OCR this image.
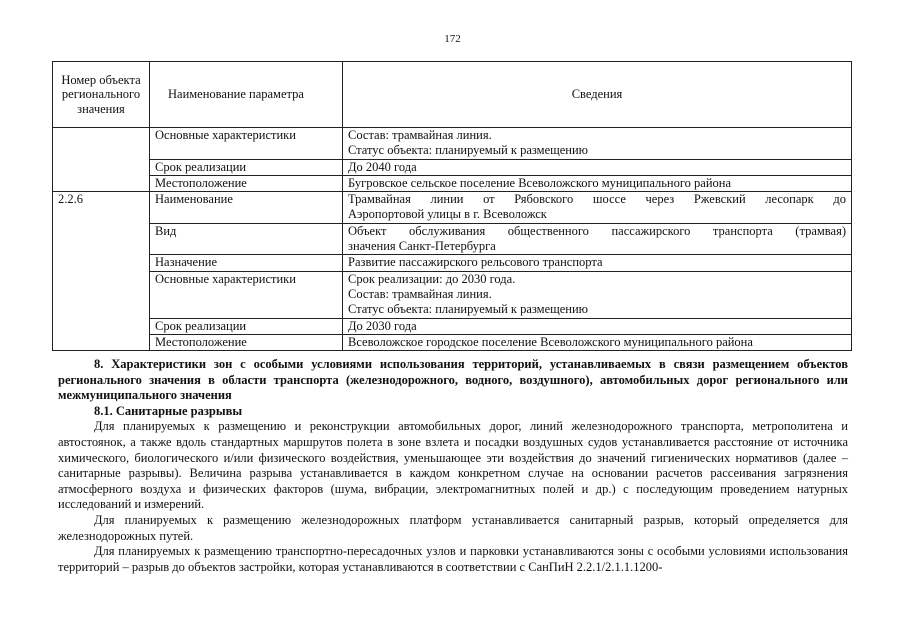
172
Номер объекта регионального значения	Наименование параметра	Сведения
	Основные характеристики	Состав: трамвайная линия.
Статус объекта: планируемый к размещению

	Срок реализации	До 2040 года
	Местоположение	Бугровское сельское поселение Всеволожского муниципального района
2.2.6	Наименование	Трамвайная линии от Рябовского шоссе через Ржевский лесопарк до
Аэропортовой улицы в г. Всеволожск

	Вид	Объект обслуживания общественного пассажирского транспорта (трамвая)
значения Санкт-Петербурга

	Назначение	Развитие пассажирского рельсового транспорта
	Основные характеристики	Срок реализации: до 2030 года.
Состав: трамвайная линия.
Статус объекта: планируемый к размещению

	Срок реализации	До 2030 года
	Местоположение	Всеволожское городское поселение Всеволожского муниципального района

8. Характеристики зон с особыми условиями использования территорий, устанавливаемых в связи размещением объектов регионального значения в области транспорта (железнодорожного, водного, воздушного), автомобильных дорог регионального или межмуниципального значения

8.1. Санитарные разрывы

Для планируемых к размещению и реконструкции автомобильных дорог, линий железнодорожного транспорта, метрополитена и автостоянок, а также вдоль стандартных маршрутов полета в зоне взлета и посадки воздушных судов устанавливается расстояние от источника химического, биологического и/или физического воздействия, уменьшающее эти воздействия до значений гигиенических нормативов (далее – санитарные разрывы). Величина разрыва устанавливается в каждом конкретном случае на основании расчетов рассеивания загрязнения атмосферного воздуха и физических факторов (шума, вибрации, электромагнитных полей и др.) с последующим проведением натурных исследований и измерений.

Для планируемых к размещению железнодорожных платформ устанавливается санитарный разрыв, который определяется для железнодорожных путей.

Для планируемых к размещению транспортно-пересадочных узлов и парковки устанавливаются зоны с особыми условиями использования территорий – разрыв до объектов застройки, которая устанавливаются в соответствии с СанПиН 2.2.1/2.1.1.1200-
